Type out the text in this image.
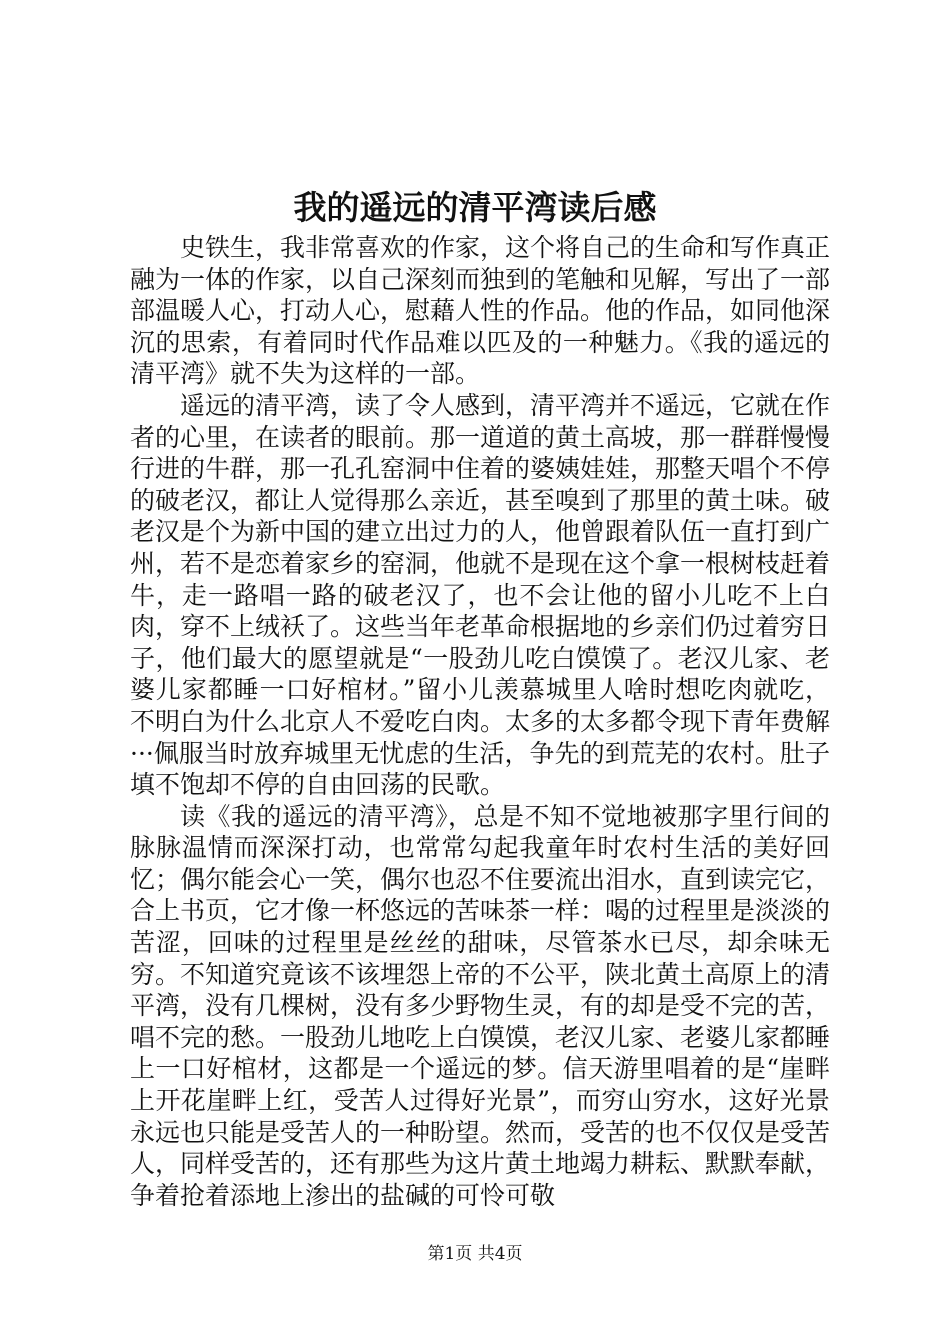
我的遥远的清平湾读后感

史铁生，我非常喜欢的作家，这个将自己的生命和写作真正融为一体的作家，以自己深刻而独到的笔触和见解，写出了一部部温暖人心，打动人心，慰藉人性的作品。他的作品，如同他深沉的思索，有着同时代作品难以匹及的一种魅力。《我的遥远的清平湾》就不失为这样的一部。

遥远的清平湾，读了令人感到，清平湾并不遥远，它就在作者的心里，在读者的眼前。那一道道的黄土高坡，那一群群慢慢行进的牛群，那一孔孔窑洞中住着的婆姨娃娃，那整天唱个不停的破老汉，都让人觉得那么亲近，甚至嗅到了那里的黄土味。破老汉是个为新中国的建立出过力的人，他曾跟着队伍一直打到广州，若不是恋着家乡的窑洞，他就不是现在这个拿一根树枝赶着牛，走一路唱一路的破老汉了，也不会让他的留小儿吃不上白肉，穿不上绒袄了。这些当年老革命根据地的乡亲们仍过着穷日子，他们最大的愿望就是“一股劲儿吃白馍馍了。老汉儿家、老婆儿家都睡一口好棺材。”留小儿羡慕城里人啥时想吃肉就吃，不明白为什么北京人不爱吃白肉。太多的太多都令现下青年费解···佩服当时放弃城里无忧虑的生活，争先的到荒芜的农村。肚子填不饱却不停的自由回荡的民歌。

读《我的遥远的清平湾》，总是不知不觉地被那字里行间的脉脉温情而深深打动，也常常勾起我童年时农村生活的美好回忆；偶尔能会心一笑，偶尔也忍不住要流出泪水，直到读完它，合上书页，它才像一杯悠远的苦味茶一样：喝的过程里是淡淡的苦涩，回味的过程里是丝丝的甜味，尽管茶水已尽，却余味无穷。不知道究竟该不该埋怨上帝的不公平，陕北黄土高原上的清平湾，没有几棵树，没有多少野物生灵，有的却是受不完的苦，唱不完的愁。一股劲儿地吃上白馍馍，老汉儿家、老婆儿家都睡上一口好棺材，这都是一个遥远的梦。信天游里唱着的是“崖畔上开花崖畔上红，受苦人过得好光景”，而穷山穷水，这好光景永远也只能是受苦人的一种盼望。然而，受苦的也不仅仅是受苦人，同样受苦的，还有那些为这片黄土地竭力耕耘、默默奉献，争着抢着添地上渗出的盐碱的可怜可敬

第1页 共4页
